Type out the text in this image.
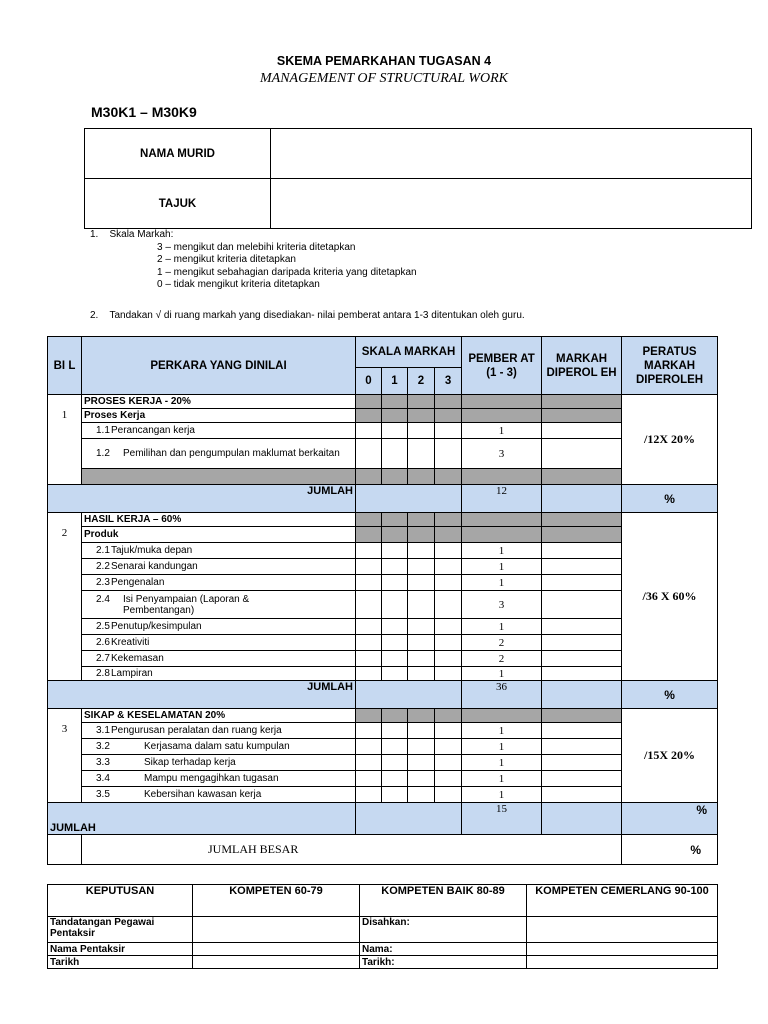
SKEMA PEMARKAHAN TUGASAN 4
MANAGEMENT OF STRUCTURAL WORK
M30K1 – M30K9
NAMA MURID	
TAJUK	
1. Skala Markah:
3 – mengikut dan melebihi kriteria ditetapkan
2 – mengikut kriteria ditetapkan
1 – mengikut sebahagian daripada kriteria yang ditetapkan
0 – tidak mengikut kriteria ditetapkan
2. Tandakan √ di ruang markah yang disediakan- nilai pemberat antara 1-3 ditentukan oleh guru.
BI L	PERKARA YANG DINILAI	SKALA MARKAH				PEMBER AT (1 - 3)	MARKAH DIPEROL EH	PERATUS MARKAH DIPEROLEH
		0	1	2	3			
1	PROSES KERJA - 20%							/12X 20%
	Proses Kerja							
	1.1Perancangan kerja					1		
	1.2 Pemilihan dan pengumpulan maklumat berkaitan					3		

JUMLAH						12		%
2	HASIL KERJA – 60%							/36 X 60%
	Produk							
	2.1Tajuk/muka depan					1		
	2.2Senarai kandungan					1		
	2.3Pengenalan					1		
	2.4 Isi Penyampaian (Laporan & Pembentangan)					3		
	2.5Penutup/kesimpulan					1		
	2.6Kreativiti					2		
	2.7Kekemasan					2		
	2.8Lampiran					1		
JUMLAH						36		%
3	SIKAP & KESELAMATAN 20%							/15X 20%
	3.1Pengurusan peralatan dan ruang kerja					1		
	3.2 Kerjasama dalam satu kumpulan					1		
	3.3 Sikap terhadap kerja					1		
	3.4 Mampu mengagihkan tugasan					1		
	3.5 Kebersihan kawasan kerja					1		
JUMLAH						15		%
	JUMLAH BESAR							%
KEPUTUSAN	KOMPETEN 60-79	KOMPETEN BAIK 80-89	KOMPETEN CEMERLANG 90-100
Tandatangan Pegawai Pentaksir		Disahkan:	
Nama Pentaksir		Nama:	
Tarikh		Tarikh:	
